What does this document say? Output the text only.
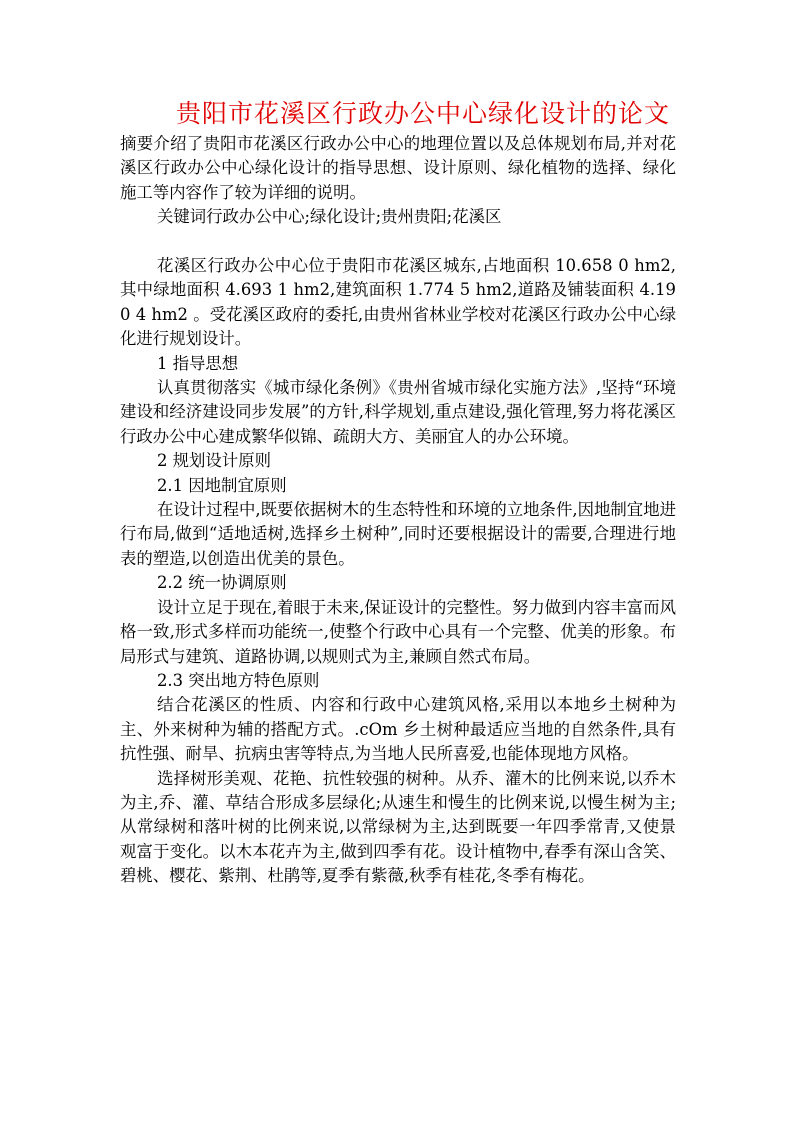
贵阳市花溪区行政办公中心绿化设计的论文

摘要介绍了贵阳市花溪区行政办公中心的地理位置以及总体规划布局,并对花溪区行政办公中心绿化设计的指导思想、设计原则、绿化植物的选择、绿化施工等内容作了较为详细的说明。

关键词行政办公中心;绿化设计;贵州贵阳;花溪区

花溪区行政办公中心位于贵阳市花溪区城东,占地面积 10.658 0 hm2,其中绿地面积 4.693 1 hm2,建筑面积 1.774 5 hm2,道路及铺装面积 4.190 4 hm2 。受花溪区政府的委托,由贵州省林业学校对花溪区行政办公中心绿化进行规划设计。

1 指导思想

认真贯彻落实《城市绿化条例》《贵州省城市绿化实施方法》,坚持“环境建设和经济建设同步发展”的方针,科学规划,重点建设,强化管理,努力将花溪区行政办公中心建成繁华似锦、疏朗大方、美丽宜人的办公环境。

2 规划设计原则

2.1 因地制宜原则

在设计过程中,既要依据树木的生态特性和环境的立地条件,因地制宜地进行布局,做到“适地适树,选择乡土树种”,同时还要根据设计的需要,合理进行地表的塑造,以创造出优美的景色。

2.2 统一协调原则

设计立足于现在,着眼于未来,保证设计的完整性。努力做到内容丰富而风格一致,形式多样而功能统一,使整个行政中心具有一个完整、优美的形象。布局形式与建筑、道路协调,以规则式为主,兼顾自然式布局。

2.3 突出地方特色原则

结合花溪区的性质、内容和行政中心建筑风格,采用以本地乡土树种为主、外来树种为辅的搭配方式。.cOm 乡土树种最适应当地的自然条件,具有抗性强、耐旱、抗病虫害等特点,为当地人民所喜爱,也能体现地方风格。

选择树形美观、花艳、抗性较强的树种。从乔、灌木的比例来说,以乔木为主,乔、灌、草结合形成多层绿化;从速生和慢生的比例来说,以慢生树为主;从常绿树和落叶树的比例来说,以常绿树为主,达到既要一年四季常青,又使景观富于变化。以木本花卉为主,做到四季有花。设计植物中,春季有深山含笑、碧桃、樱花、紫荆、杜鹃等,夏季有紫薇,秋季有桂花,冬季有梅花。
